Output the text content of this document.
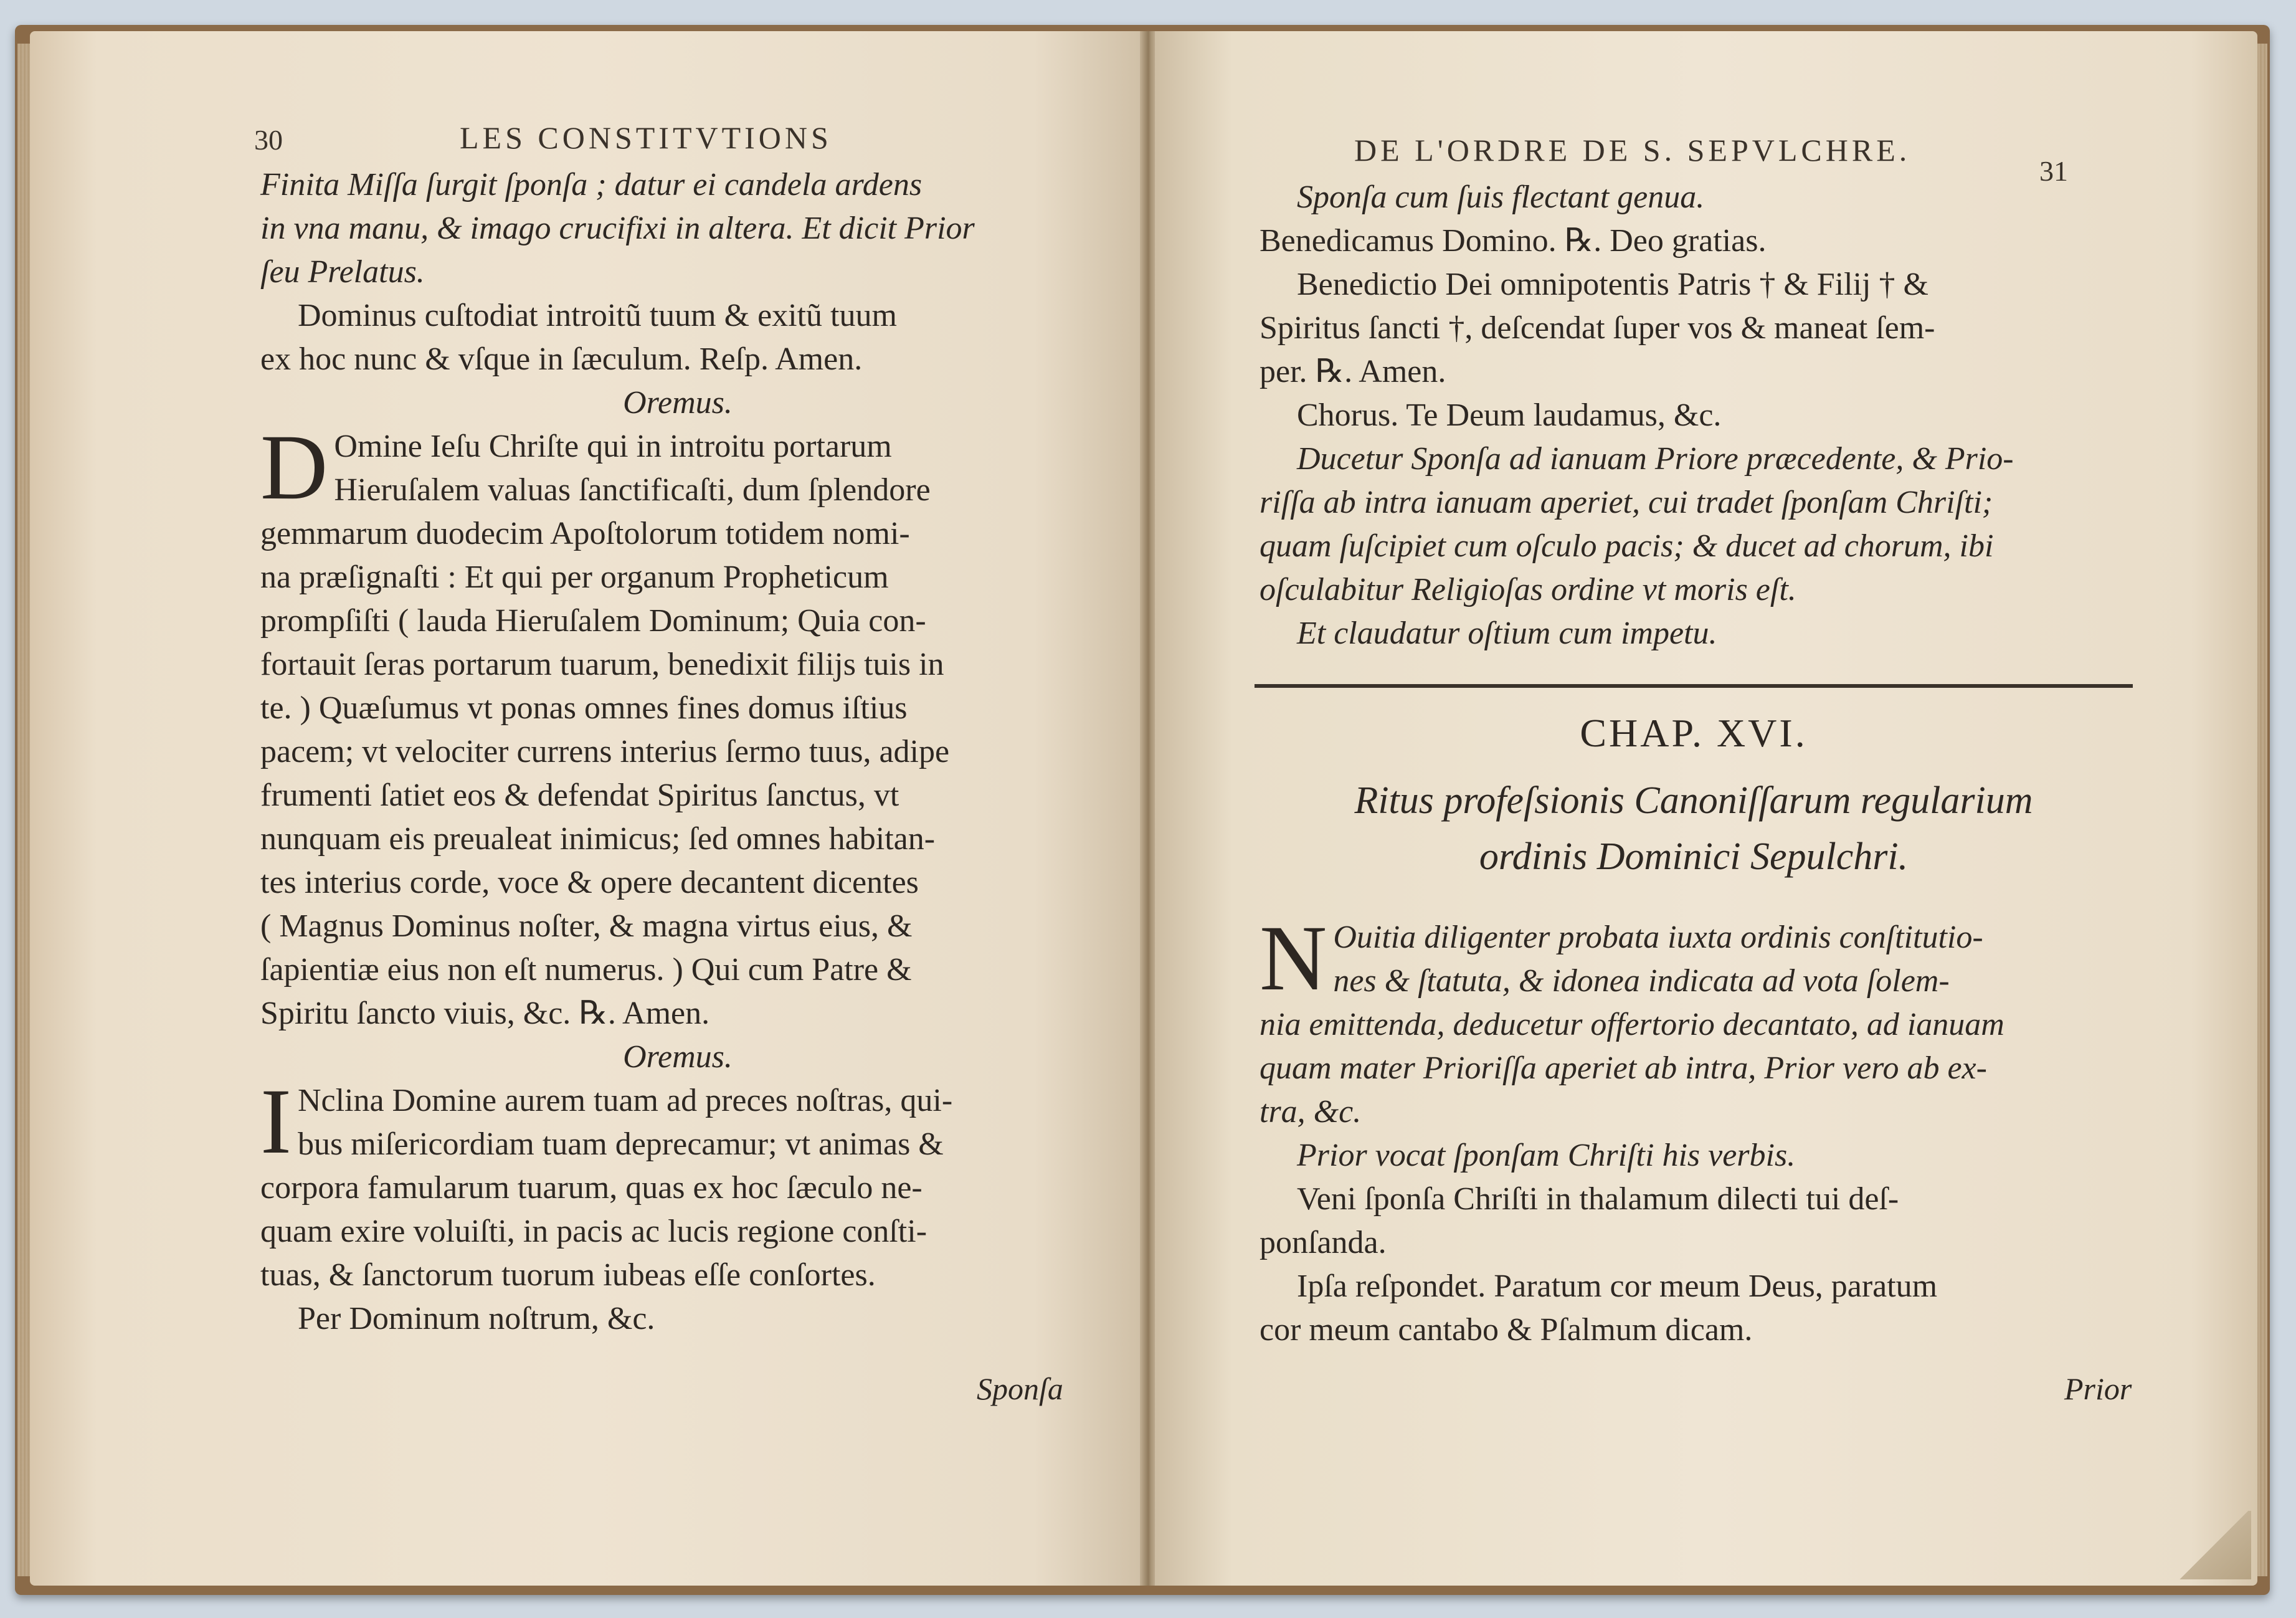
30	LES CONSTITVTIONS
Finita Miſſa ſurgit ſponſa ; datur ei candela ardens
in vna manu, & imago crucifixi in altera. Et dicit Prior
ſeu Prelatus.
Dominus cuſtodiat introitũ tuum & exitũ tuum
ex hoc nunc & vſque in ſæculum. Reſp. Amen.
Oremus.
D Omine Ieſu Chriſte qui in introitu portarum
Hieruſalem valuas ſanctificaſti, dum ſplendore
gemmarum duodecim Apoſtolorum totidem nomi-
na præſignaſti : Et qui per organum Propheticum
prompſiſti ( lauda Hieruſalem Dominum; Quia con-
fortauit ſeras portarum tuarum, benedixit filijs tuis in
te. ) Quæſumus vt ponas omnes fines domus iſtius
pacem; vt velociter currens interius ſermo tuus, adipe
frumenti ſatiet eos & defendat Spiritus ſanctus, vt
nunquam eis preualeat inimicus; ſed omnes habitan-
tes interius corde, voce & opere decantent dicentes
( Magnus Dominus noſter, & magna virtus eius, &
ſapientiæ eius non eſt numerus. ) Qui cum Patre &
Spiritu ſancto viuis, &c. ℞. Amen.
Oremus.
I Nclina Domine aurem tuam ad preces noſtras, qui-
bus miſericordiam tuam deprecamur; vt animas &
corpora famularum tuarum, quas ex hoc ſæculo ne-
quam exire voluiſti, in pacis ac lucis regione conſti-
tuas, & ſanctorum tuorum iubeas eſſe conſortes.
Per Dominum noſtrum, &c.
Sponſa
DE L'ORDRE DE S. SEPVLCHRE.
31
Sponſa cum ſuis flectant genua.
Benedicamus Domino. ℞. Deo gratias.
Benedictio Dei omnipotentis Patris † & Filij † &
Spiritus ſancti †, deſcendat ſuper vos & maneat ſem-
per. ℞. Amen.
Chorus. Te Deum laudamus, &c.
Ducetur Sponſa ad ianuam Priore præcedente, & Prio-
riſſa ab intra ianuam aperiet, cui tradet ſponſam Chriſti;
quam ſuſcipiet cum oſculo pacis; & ducet ad chorum, ibi
oſculabitur Religioſas ordine vt moris eſt.
Et claudatur oſtium cum impetu.
CHAP. XVI.
Ritus profeſsionis Canoniſſarum regularium
ordinis Dominici Sepulchri.
N Ouitia diligenter probata iuxta ordinis conſtitutio-
nes & ſtatuta, & idonea indicata ad vota ſolem-
nia emittenda, deducetur offertorio decantato, ad ianuam
quam mater Prioriſſa aperiet ab intra, Prior vero ab ex-
tra, &c.
Prior vocat ſponſam Chriſti his verbis.
Veni ſponſa Chriſti in thalamum dilecti tui deſ-
ponſanda.
Ipſa reſpondet. Paratum cor meum Deus, paratum
cor meum cantabo & Pſalmum dicam.
Prior
